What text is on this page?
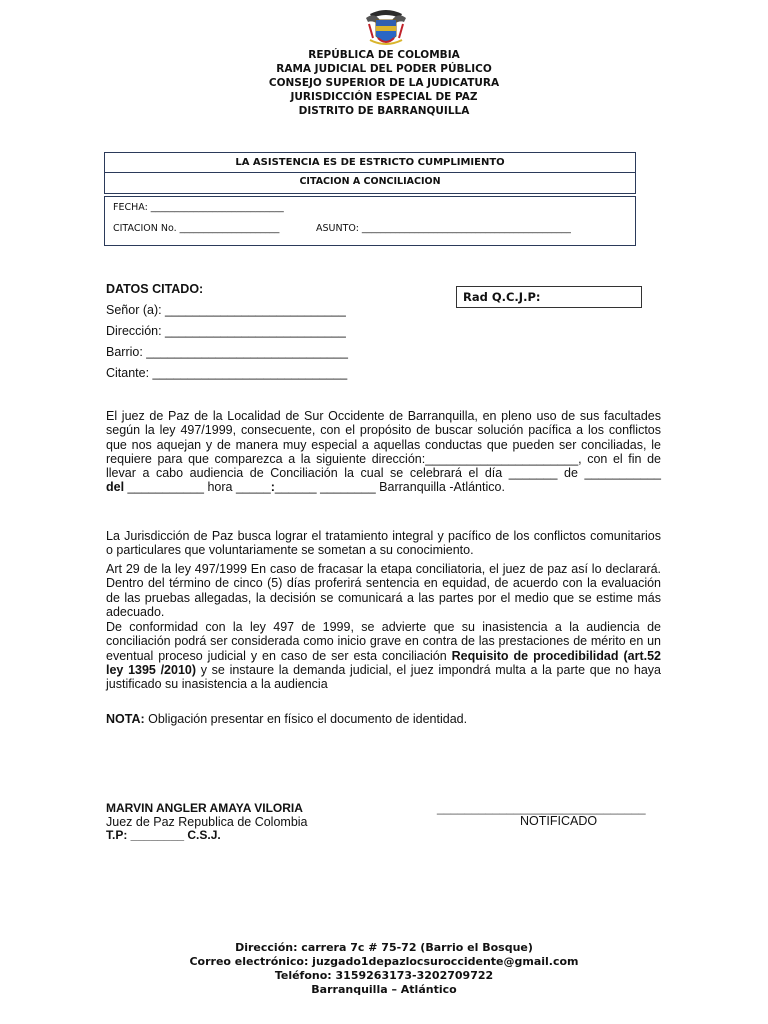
REPÚBLICA DE COLOMBIA
RAMA JUDICIAL DEL PODER PÚBLICO
CONSEJO SUPERIOR DE LA JUDICATURA
JURISDICCIÓN ESPECIAL DE PAZ
DISTRITO DE BARRANQUILLA
LA ASISTENCIA ES DE ESTRICTO CUMPLIMIENTO
CITACION A CONCILIACION
FECHA: ____________________________
CITACION No. _____________________	ASUNTO: ____________________________________________
DATOS CITADO:
Señor (a): __________________________
Dirección: __________________________
Barrio: _____________________________
Citante: ____________________________
Rad Q.C.J.P:
El juez de Paz de la Localidad de Sur Occidente de Barranquilla, en pleno uso de sus facultades
según la ley 497/1999, consecuente, con el propósito de buscar solución pacífica a los conflictos
que nos aquejan y de manera muy especial a aquellas conductas que pueden ser conciliadas, le
requiere para que comparezca a la siguiente dirección:______________________, con el fin de
llevar a cabo audiencia de Conciliación la cual se celebrará el día _______ de ___________
del ___________ hora _____:______ ________ Barranquilla -Atlántico.
La Jurisdicción de Paz busca lograr el tratamiento integral y pacífico de los conflictos comunitarios
o particulares que voluntariamente se sometan a su conocimiento.
Art 29 de la ley 497/1999 En caso de fracasar la etapa conciliatoria, el juez de paz así lo declarará.
Dentro del término de cinco (5) días proferirá sentencia en equidad, de acuerdo con la evaluación
de las pruebas allegadas, la decisión se comunicará a las partes por el medio que se estime más
adecuado.
De conformidad con la ley 497 de 1999, se advierte que su inasistencia a la audiencia de
conciliación podrá ser considerada como inicio grave en contra de las prestaciones de mérito en un
eventual proceso judicial y en caso de ser esta conciliación Requisito de procedibilidad (art.52
ley 1395 /2010) y se instaure la demanda judicial, el juez impondrá multa a la parte que no haya
justificado su inasistencia a la audiencia
NOTA: Obligación presentar en físico el documento de identidad.
MARVIN ANGLER AMAYA VILORIA
Juez de Paz Republica de Colombia
T.P: ________ C.S.J.
______________________________
NOTIFICADO
Dirección: carrera 7c # 75-72 (Barrio el Bosque)
Correo electrónico: juzgado1depazlocsuroccidente@gmail.com
Teléfono: 3159263173-3202709722
Barranquilla – Atlántico
